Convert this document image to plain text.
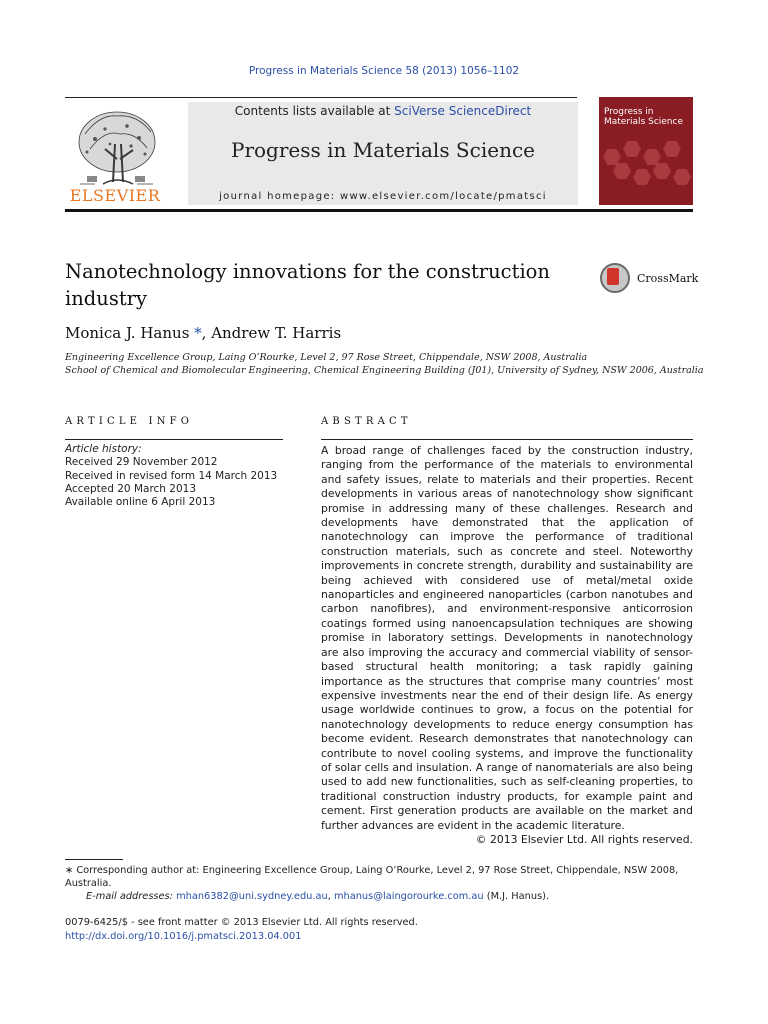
Progress in Materials Science 58 (2013) 1056–1102
ELSEVIER
Contents lists available at SciVerse ScienceDirect
Progress in Materials Science
journal homepage: www.elsevier.com/locate/pmatsci
Progress in Materials Science
Nanotechnology innovations for the construction industry
CrossMark
Monica J. Hanus *, Andrew T. Harris
Engineering Excellence Group, Laing O’Rourke, Level 2, 97 Rose Street, Chippendale, NSW 2008, Australia
School of Chemical and Biomolecular Engineering, Chemical Engineering Building (J01), University of Sydney, NSW 2006, Australia
ARTICLE INFO
Article history:
Received 29 November 2012
Received in revised form 14 March 2013
Accepted 20 March 2013
Available online 6 April 2013
ABSTRACT
A broad range of challenges faced by the construction industry, ranging from the performance of the materials to environmental and safety issues, relate to materials and their properties. Recent developments in various areas of nanotechnology show significant promise in addressing many of these challenges. Research and developments have demonstrated that the application of nanotechnology can improve the performance of traditional construction materials, such as concrete and steel. Noteworthy improvements in concrete strength, durability and sustainability are being achieved with considered use of metal/metal oxide nanoparticles and engineered nanoparticles (carbon nanotubes and carbon nanofibres), and environment-responsive anticorrosion coatings formed using nanoencapsulation techniques are showing promise in laboratory settings. Developments in nanotechnology are also improving the accuracy and commercial viability of sensor-based structural health monitoring; a task rapidly gaining importance as the structures that comprise many countries’ most expensive investments near the end of their design life. As energy usage worldwide continues to grow, a focus on the potential for nanotechnology developments to reduce energy consumption has become evident. Research demonstrates that nanotechnology can contribute to novel cooling systems, and improve the functionality of solar cells and insulation. A range of nanomaterials are also being used to add new functionalities, such as self-cleaning properties, to traditional construction industry products, for example paint and cement. First generation products are available on the market and further advances are evident in the academic literature.
© 2013 Elsevier Ltd. All rights reserved.
∗ Corresponding author at: Engineering Excellence Group, Laing O’Rourke, Level 2, 97 Rose Street, Chippendale, NSW 2008, Australia.
E-mail addresses: mhan6382@uni.sydney.edu.au, mhanus@laingorourke.com.au (M.J. Hanus).
0079-6425/$ - see front matter © 2013 Elsevier Ltd. All rights reserved.
http://dx.doi.org/10.1016/j.pmatsci.2013.04.001
